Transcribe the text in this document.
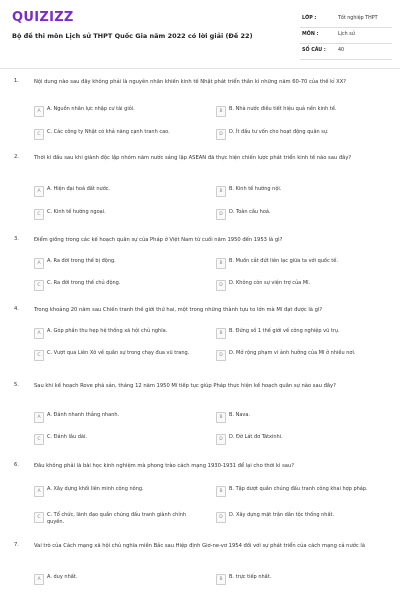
QUIZIZZ
Bộ đề thi môn Lịch sử THPT Quốc Gia năm 2022 có lời giải (Đề 22)
LỚP :	Tốt nghiệp THPT
MÔN :	Lịch sử
SỐ CÂU :	40
1.	Nội dung nào sau đây không phải là nguyên nhân khiến kinh tế Nhật phát triển thần kì những năm 60-70 của thế kỉ XX?
A	A. Nguồn nhân lực nhập cư tài giỏi.	B	B. Nhà nước điều tiết hiệu quả nền kinh tế.
C	C. Các công ty Nhật có khả năng cạnh tranh cao.	D	D. Ít đầu tư vốn cho hoạt động quân sự.
2.	Thời kì đầu sau khi giành độc lập nhóm năm nước sáng lập ASEAN đã thực hiện chiến lược phát triển kinh tế nào sau đây?
A	A. Hiện đại hoá đất nước.	B	B. Kinh tế hướng nội.
C	C. Kinh tế hướng ngoại.	D	D. Toàn cầu hoá.
3.	Điểm giống trong các kế hoạch quân sự của Pháp ở Việt Nam từ cuối năm 1950 đến 1953 là gì?
A	A. Ra đời trong thế bị động.	B	B. Muốn cắt đứt liên lạc giữa ta với quốc tế.
C	C. Ra đời trong thế chủ động.	D	D. Không còn sự viện trợ của Mĩ.
4.	Trong khoảng 20 năm sau Chiến tranh thế giới thứ hai, một trong những thành tựu to lớn mà Mĩ đạt được là gì?
A	A. Góp phần thu hẹp hệ thống xã hội chủ nghĩa.	B	B. Đứng số 1 thế giới về công nghiệp vũ trụ.
C	C. Vượt qua Liên Xô về quân sự trong chạy đua vũ trang.	D	D. Mở rộng phạm vi ảnh hưởng của Mĩ ở nhiều nơi.
5.	Sau khi kế hoạch Rove phá sản, tháng 12 năm 1950 Mĩ tiếp tục giúp Pháp thực hiện kế hoạch quân sự nào sau đây?
A	A. Đánh nhanh thắng nhanh.	B	B. Nava.
C	C. Đánh lâu dài.	D	D. Đờ Lát đơ Tátxinhi.
6.	Đâu không phải là bài học kinh nghiệm mà phong trào cách mạng 1930-1931 để lại cho thời kì sau?
A	A. Xây dựng khối liên minh công nông.	B	B. Tập dượt quần chúng đấu tranh công khai hợp pháp.
C	C. Tổ chức, lãnh đạo quần chúng đấu tranh giành chính quyền.
D	D. Xây dựng mặt trận dân tộc thống nhất.
7.	Vai trò của Cách mạng xã hội chủ nghĩa miền Bắc sau Hiệp định Giơ-ne-vơ 1954 đối với sự phát triển của cách mạng cả nước là
A	A. duy nhất.	B	B. trực tiếp nhất.
